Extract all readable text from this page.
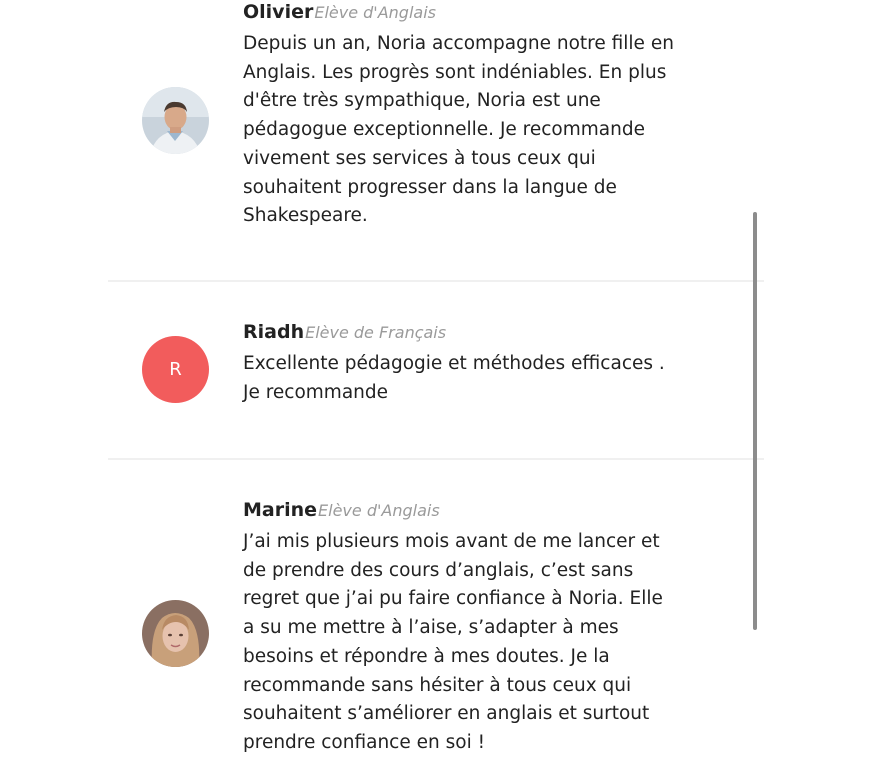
OlivierElève d'Anglais
Depuis un an, Noria accompagne notre fille en
Anglais. Les progrès sont indéniables. En plus
d'être très sympathique, Noria est une
pédagogue exceptionnelle. Je recommande
vivement ses services à tous ceux qui
souhaitent progresser dans la langue de
Shakespeare.
R
RiadhElève de Français
Excellente pédagogie et méthodes efficaces .
Je recommande
MarineElève d'Anglais
J’ai mis plusieurs mois avant de me lancer et
de prendre des cours d’anglais, c’est sans
regret que j’ai pu faire confiance à Noria. Elle
a su me mettre à l’aise, s’adapter à mes
besoins et répondre à mes doutes. Je la
recommande sans hésiter à tous ceux qui
souhaitent s’améliorer en anglais et surtout
prendre confiance en soi !
